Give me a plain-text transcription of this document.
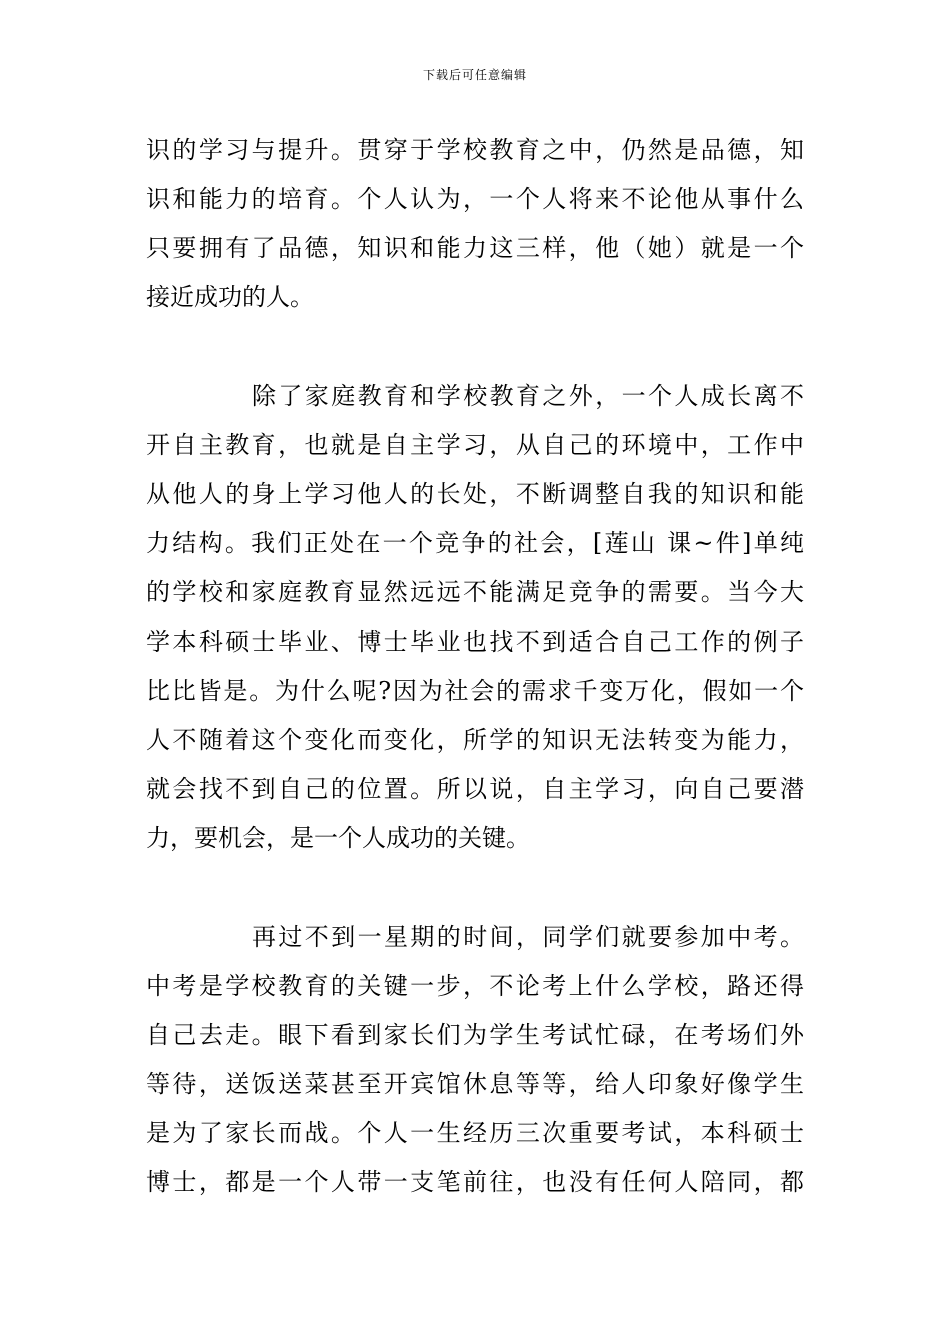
下载后可任意编辑
识的学习与提升。贯穿于学校教育之中，仍然是品德，知
识和能力的培育。个人认为，一个人将来不论他从事什么
只要拥有了品德，知识和能力这三样，他（她）就是一个
接近成功的人。
除了家庭教育和学校教育之外，一个人成长离不
开自主教育，也就是自主学习，从自己的环境中，工作中
从他人的身上学习他人的长处，不断调整自我的知识和能
力结构。我们正处在一个竞争的社会，[莲山 课~件]单纯
的学校和家庭教育显然远远不能满足竞争的需要。当今大
学本科硕士毕业、博士毕业也找不到适合自己工作的例子
比比皆是。为什么呢?因为社会的需求千变万化，假如一个
人不随着这个变化而变化，所学的知识无法转变为能力，
就会找不到自己的位置。所以说，自主学习，向自己要潜
力，要机会，是一个人成功的关键。
再过不到一星期的时间，同学们就要参加中考。
中考是学校教育的关键一步，不论考上什么学校，路还得
自己去走。眼下看到家长们为学生考试忙碌，在考场们外
等待，送饭送菜甚至开宾馆休息等等，给人印象好像学生
是为了家长而战。个人一生经历三次重要考试，本科硕士
博士，都是一个人带一支笔前往，也没有任何人陪同，都
